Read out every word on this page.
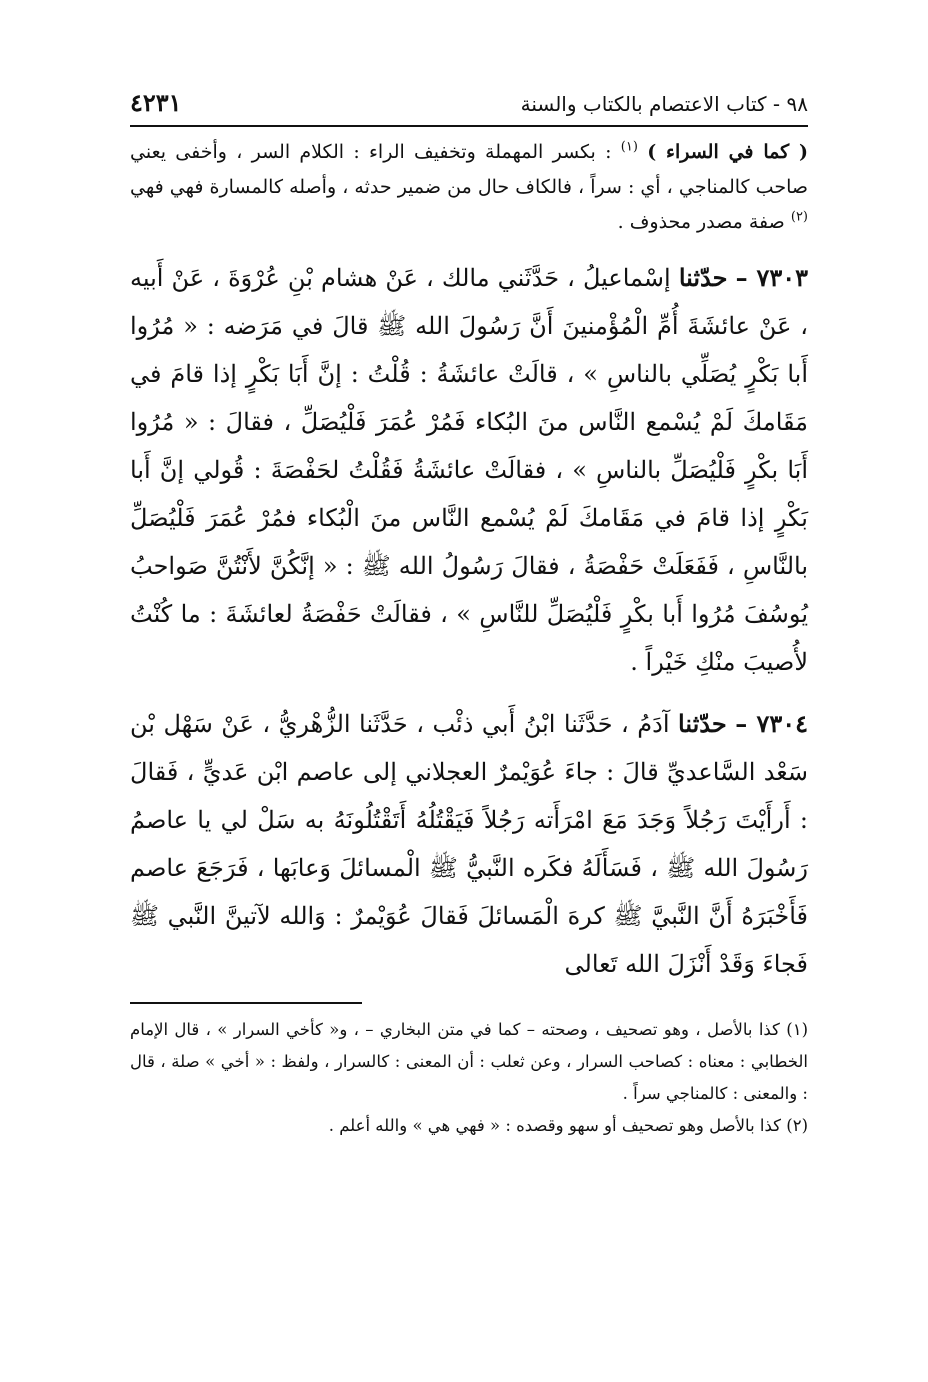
٩٨ - كتاب الاعتصام بالكتاب والسنة
٤٢٣١
( كما في السراء ) $^{(١)}$ : بكسر المهملة وتخفيف الراء : الكلام السر ، وأخفى يعني صاحب كالمناجي ، أي : سراً ، فالكاف حال من ضمير حدثه ، وأصله كالمسارة فهي فهي $^{(٢)}$ صفة مصدر محذوف .
٧٣٠٣ – حدّثنا إسْماعيلُ ، حَدَّثَني مالك ، عَنْ هشام بْنِ عُرْوَةَ ، عَنْ أَبيه ، عَنْ عائشَةَ أُمِّ الْمُؤْمنينَ أَنَّ رَسُولَ الله ﷺ قالَ في مَرَضه : « مُرُوا أَبا بَكْرٍ يُصَلِّي بالناسِ » ، قالَتْ عائشَةُ : قُلْتُ : إنَّ أَبَا بَكْرٍ إذا قامَ في مَقَامكَ لَمْ يُسْمع النَّاس منَ البُكاء فَمُرْ عُمَرَ فَلْيُصَلِّ ، فقالَ : « مُرُوا أَبَا بكْرٍ فَلْيُصَلِّ بالناسِ » ، فقالَتْ عائشَةُ فَقُلْتُ لحَفْصَةَ : قُولي إنَّ أَبا بَكْرٍ إذا قامَ في مَقَامكَ لَمْ يُسْمع النَّاس منَ الْبُكاء فمُرْ عُمَرَ فَلْيُصَلِّ بالنَّاسِ ، فَفَعَلَتْ حَفْصَةُ ، فقالَ رَسُولُ الله ﷺ : « إنَّكُنَّ لأَنْتُنَّ صَواحبُ يُوسُفَ مُرُوا أَبا بكْرٍ فَلْيُصَلِّ للنَّاسِ » ، فقالَتْ حَفْصَةُ لعائشَةَ : ما كُنْتُ لأُصيبَ منْكِ خَيْراً .
٧٣٠٤ – حدّثنا آدَمُ ، حَدَّثَنا ابْنُ أَبي ذئْب ، حَدَّثَنا الزُّهْريُّ ، عَنْ سَهْل بْن سَعْد السَّاعديِّ قالَ : جاءَ عُوَيْمرٌ العجلاني إلى عاصم ابْن عَديٍّ ، فَقالَ : أَرأَيْتَ رَجُلاً وَجَدَ مَعَ امْرَأَته رَجُلاً فَيَقْتُلُهُ أَتَقْتُلُونَهُ به سَلْ لي يا عاصمُ رَسُولَ الله ﷺ ، فَسَأَلَهُ فكَره النَّبيُّ ﷺ الْمسائلَ وَعابَها ، فَرَجَعَ عاصم فَأَخْبَرَهُ أَنَّ النَّبيَّ ﷺ كرهَ الْمَسائلَ فَقالَ عُوَيْمرٌ : وَالله لآتينَّ النَّبي ﷺ فَجاءَ وَقَدْ أَنْزَلَ الله تَعالى

(١) كذا بالأصل ، وهو تصحيف ، وصحته – كما في متن البخاري – ، و« كأخي السرار » ، قال الإمام الخطابي : معناه : كصاحب السرار ، وعن ثعلب : أن المعنى : كالسرار ، ولفظ : « أخي » صلة ، قال : والمعنى : كالمناجي سراً .

(٢) كذا بالأصل وهو تصحيف أو سهو وقصده : « فهي هي » والله أعلم .
